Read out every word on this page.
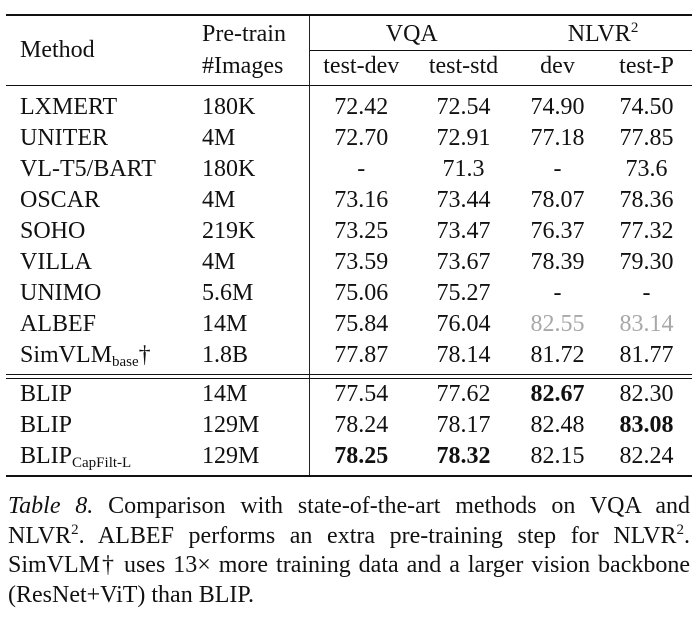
Method	Pre-train	VQA		NLVR$^2$
	#Images	test-dev	test-std	dev	test-P
LXMERT	180K	72.42	72.54	74.90	74.50
UNITER	4M	72.70	72.91	77.18	77.85
VL-T5/BART	180K	-	71.3	-	73.6
OSCAR	4M	73.16	73.44	78.07	78.36
SOHO	219K	73.25	73.47	76.37	77.32
VILLA	4M	73.59	73.67	78.39	79.30
UNIMO	5.6M	75.06	75.27	-	-
ALBEF	14M	75.84	76.04	82.55	83.14
SimVLM$_{base}$†	1.8B	77.87	78.14	81.72	81.77

BLIP	14M	77.54	77.62	82.67	82.30
BLIP	129M	78.24	78.17	82.48	83.08
$BLIP_{CapFilt-L}$	129M	78.25	78.32	82.15	82.24
Table 8. Comparison with state-of-the-art methods on VQA and NLVR$^2$. ALBEF performs an extra pre-training step for NLVR$^2$. SimVLM† uses 13× more training data and a larger vision backbone (ResNet+ViT) than BLIP.
